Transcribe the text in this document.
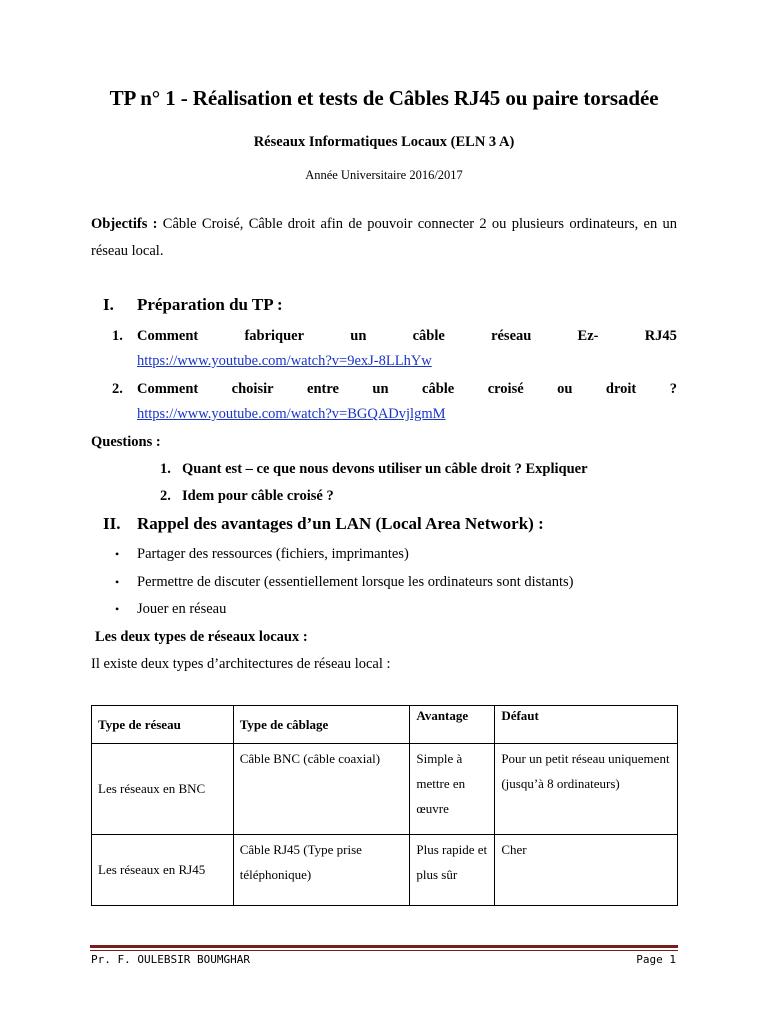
TP n° 1 - Réalisation et tests de Câbles RJ45 ou paire torsadée
Réseaux Informatiques Locaux (ELN 3 A)
Année Universitaire 2016/2017
Objectifs : Câble Croisé, Câble droit afin de pouvoir connecter 2 ou plusieurs ordinateurs, en un réseau local.
I. Préparation du TP :
1. Comment	fabriquer	un	câble	réseau	Ez-	RJ45
https://www.youtube.com/watch?v=9exJ-8LLhYw
2. Comment choisir entre un câble croisé ou droit ?
https://www.youtube.com/watch?v=BGQADvjlgmM
Questions :
1. Quant est – ce que nous devons utiliser un câble droit ? Expliquer
2. Idem pour câble croisé ?
II. Rappel des avantages d’un LAN (Local Area Network) :
• Partager des ressources (fichiers, imprimantes)
• Permettre de discuter (essentiellement lorsque les ordinateurs sont distants)
• Jouer en réseau
Les deux types de réseaux locaux :
Il existe deux types d’architectures de réseau local :
Type de réseau	Type de câblage	Avantage	Défaut
Les réseaux en BNC	Câble BNC (câble coaxial)	Simple à mettre en œuvre	Pour un petit réseau uniquement (jusqu’à 8 ordinateurs)
Les réseaux en RJ45	Câble RJ45 (Type prise téléphonique)	Plus rapide et plus sûr	Cher
Pr. F. OULEBSIR BOUMGHAR	Page 1
